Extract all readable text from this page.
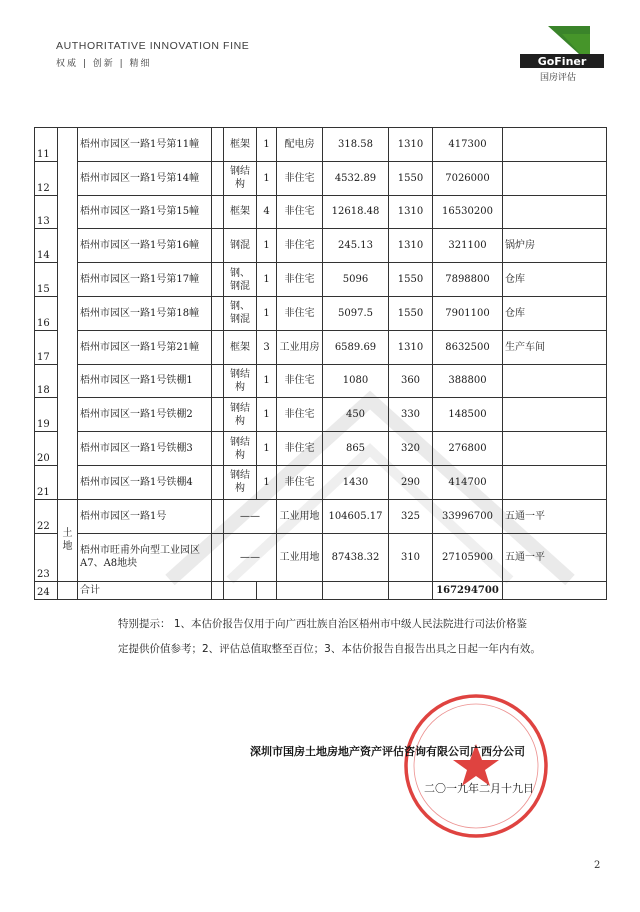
AUTHORITATIVE INNOVATION FINE
权威 | 创新 | 精细	GoFiner
国房评估
11		梧州市园区一路1号第11幢		框架	1	配电房	318.58	1310	417300	
12		梧州市园区一路1号第14幢		钢结构	1	非住宅	4532.89	1550	7026000	
13		梧州市园区一路1号第15幢		框架	4	非住宅	12618.48	1310	16530200	
14		梧州市园区一路1号第16幢		钢混	1	非住宅	245.13	1310	321100	锅炉房
15		梧州市园区一路1号第17幢		钢、钢混	1	非住宅	5096	1550	7898800	仓库
16		梧州市园区一路1号第18幢		钢、钢混	1	非住宅	5097.5	1550	7901100	仓库
17		梧州市园区一路1号第21幢		框架	3	工业用房	6589.69	1310	8632500	生产车间
18		梧州市园区一路1号铁棚1		钢结构	1	非住宅	1080	360	388800	
19		梧州市园区一路1号铁棚2		钢结构	1	非住宅	450	330	148500	
20		梧州市园区一路1号铁棚3		钢结构	1	非住宅	865	320	276800	
21		梧州市园区一路1号铁棚4		钢结构	1	非住宅	1430	290	414700	
22	土地	梧州市园区一路1号		——		工业用地	104605.17	325	33996700	五通一平
23		梧州市旺甫外向型工业园区A7、A8地块		——		工业用地	87438.32	310	27105900	五通一平
24		合计							167294700	

特别提示： 1、本估价报告仅用于向广西壮族自治区梧州市中级人民法院进行司法价格鉴

定提供价值参考；2、评估总值取整至百位；3、本估价报告自报告出具之日起一年内有效。

深圳市国房土地房地产资产评估咨询有限公司广西分公司
二〇一九年二月十九日
2
